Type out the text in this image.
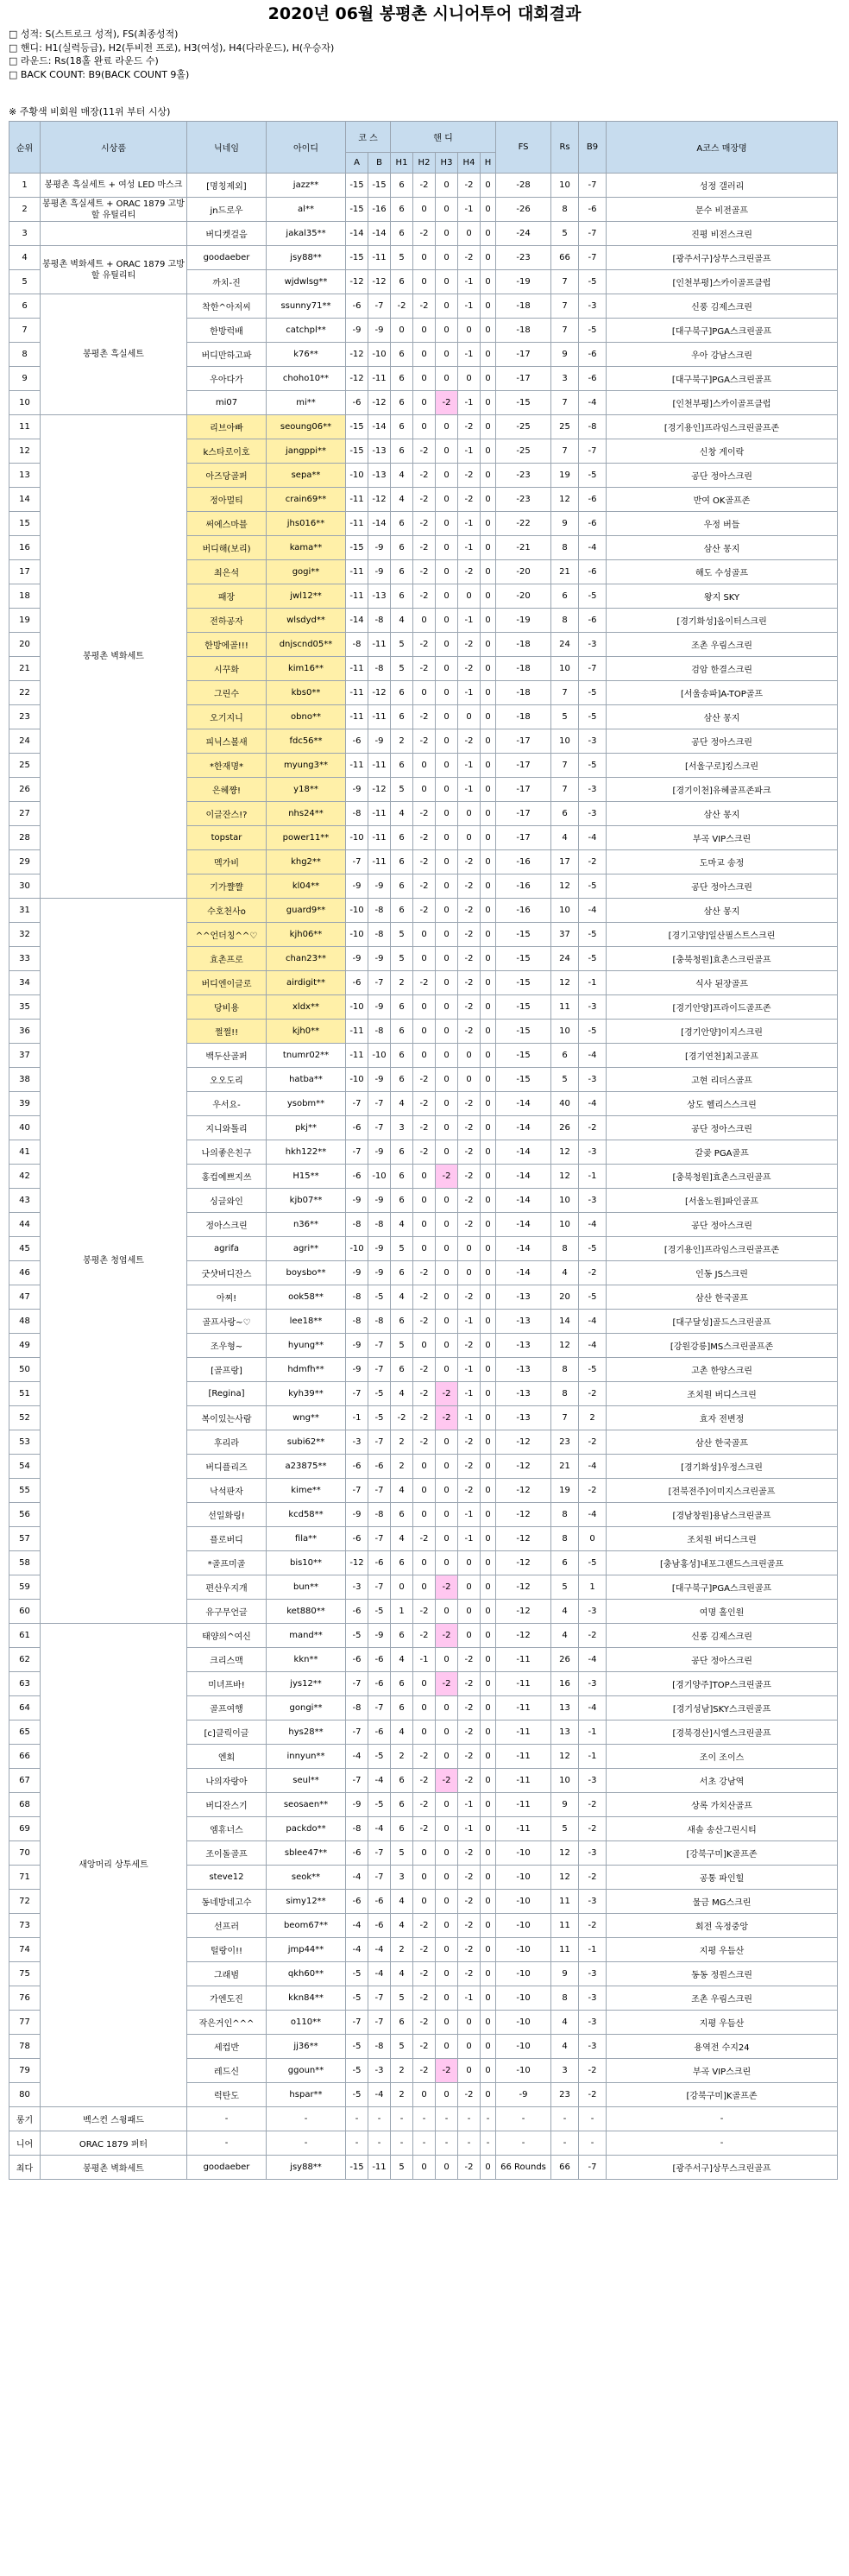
2020년 06월 봉평촌 시니어투어 대회결과
□ 성적: S(스트로크 성적), FS(최종성적)
□ 핸디: H1(실력등급), H2(투비전 프로), H3(여성), H4(다라운드), H(우승자)
□ 라운드: Rs(18홀 완료 라운드 수)
□ BACK COUNT: B9(BACK COUNT 9홀)
※ 주황색 비회원 매장(11위 부터 시상)
순위	시상품	닉네임	아이디	코 스		핸 디					FS	Rs	B9	A코스 매장명
				A	B	H1	H2	H3	H4	H				
1	봉평촌 흑실세트 + 여성 LED 마스크	[명칭제외]	jazz**	-15	-15	6	-2	0	-2	0	-28	10	-7	성정 갤러리
2	봉평촌 흑실세트 + ORAC 1879 고방할 유틸리티	jn드로우	al**	-15	-16	6	0	0	-1	0	-26	8	-6	문수 비전골프
3		버디켓걸음	jakal35**	-14	-14	6	-2	0	0	0	-24	5	-7	진평 비전스크린
4	봉평촌 벽화세트 + ORAC 1879 고방할 유틸리티	goodaeber	jsy88**	-15	-11	5	0	0	-2	0	-23	66	-7	[광주서구]상무스크린골프
5		까치-진	wjdwlsg**	-12	-12	6	0	0	-1	0	-19	7	-5	[인천부평]스카이골프클럽
6	봉평촌 흑실세트	착한^아저씨	ssunny71**	-6	-7	-2	-2	0	-1	0	-18	7	-3	신풍 김제스크린
7		한방럭배	catchpl**	-9	-9	0	0	0	0	0	-18	7	-5	[대구북구]PGA스크린골프
8		버디만하고파	k76**	-12	-10	6	0	0	-1	0	-17	9	-6	우아 강남스크린
9		우아다가	choho10**	-12	-11	6	0	0	0	0	-17	3	-6	[대구북구]PGA스크린골프
10		mi07	mi**	-6	-12	6	0	-2	-1	0	-15	7	-4	[인천부평]스카이골프클럽
11	봉평촌 벽화세트	리브아빠	seoung06**	-15	-14	6	0	0	-2	0	-25	25	-8	[경기용인]프라임스크린골프존
12		k스타로이호	jangppi**	-15	-13	6	-2	0	-1	0	-25	7	-7	신창 게이락
13		아즈당골퍼	sepa**	-10	-13	4	-2	0	-2	0	-23	19	-5	공단 정아스크린
14		정아멀티	crain69**	-11	-12	4	-2	0	-2	0	-23	12	-6	반여 OK골프존
15		써에스마블	jhs016**	-11	-14	6	-2	0	-1	0	-22	9	-6	우정 버들
16		버디해(보리)	kama**	-15	-9	6	-2	0	-1	0	-21	8	-4	삼산 몽지
17		최은석	gogi**	-11	-9	6	-2	0	-2	0	-20	21	-6	해도 수성골프
18		패장	jwl12**	-11	-13	6	-2	0	0	0	-20	6	-5	왕지 SKY
19		전하공자	wlsdyd**	-14	-8	4	0	0	-1	0	-19	8	-6	[경기화성]올이터스크린
20		한방에골!!!	dnjscnd05**	-8	-11	5	-2	0	-2	0	-18	24	-3	조촌 우림스크린
21		시꾸화	kim16**	-11	-8	5	-2	0	-2	0	-18	10	-7	검암 한결스크린
22		그린수	kbs0**	-11	-12	6	0	0	-1	0	-18	7	-5	[서울송파]A-TOP골프
23		오기지니	obno**	-11	-11	6	-2	0	0	0	-18	5	-5	삼산 몽지
24		피닉스볼새	fdc56**	-6	-9	2	-2	0	-2	0	-17	10	-3	공단 정아스크린
25		*한재명*	myung3**	-11	-11	6	0	0	-1	0	-17	7	-5	[서울구로]킹스크린
26		은혜쨩!	y18**	-9	-12	5	0	0	-1	0	-17	7	-3	[경기이천]유혜골프존파크
27		이글잔스!?	nhs24**	-8	-11	4	-2	0	0	0	-17	6	-3	삼산 몽지
28		topstar	power11**	-10	-11	6	-2	0	0	0	-17	4	-4	부곡 VIP스크린
29		멕가비	khg2**	-7	-11	6	-2	0	-2	0	-16	17	-2	도마교 송정
30		기가쨜쨜	kl04**	-9	-9	6	-2	0	-2	0	-16	12	-5	공단 정아스크린
31	봉평촌 청엽세트	수호천사o	guard9**	-10	-8	6	-2	0	-2	0	-16	10	-4	삼산 몽지
32		^^언더칭^^♡	kjh06**	-10	-8	5	0	0	-2	0	-15	37	-5	[경기고양]일산필스트스크린
33		효촌프로	chan23**	-9	-9	5	0	0	-2	0	-15	24	-5	[충북청원]효촌스크린골프
34		버디엔이글로	airdigit**	-6	-7	2	-2	0	-2	0	-15	12	-1	식사 된장골프
35		당비용	xldx**	-10	-9	6	0	0	-2	0	-15	11	-3	[경기안양]프라이드골프존
36		쩔쩔!!	kjh0**	-11	-8	6	0	0	-2	0	-15	10	-5	[경기안양]이지스크린
37		백두산골퍼	tnumr02**	-11	-10	6	0	0	0	0	-15	6	-4	[경기연천]최고골프
38		오오도리	hatba**	-10	-9	6	-2	0	0	0	-15	5	-3	고현 리더스골프
39		우서요-	ysobm**	-7	-7	4	-2	0	-2	0	-14	40	-4	상도 헬리스스크린
40		지니와톨리	pkj**	-6	-7	3	-2	0	-2	0	-14	26	-2	공단 정아스크린
41		나의좋은친구	hkh122**	-7	-9	6	-2	0	-2	0	-14	12	-3	갈곶 PGA골프
42		홍컵예쁘지쓰	H15**	-6	-10	6	0	-2	-2	0	-14	12	-1	[충북청원]효촌스크린골프
43		싱글와인	kjb07**	-9	-9	6	0	0	-2	0	-14	10	-3	[서울노원]파인골프
44		정아스크린	n36**	-8	-8	4	0	0	-2	0	-14	10	-4	공단 정아스크린
45		agrifa	agri**	-10	-9	5	0	0	0	0	-14	8	-5	[경기용인]프라임스크린골프존
46		굿샷버디잔스	boysbo**	-9	-9	6	-2	0	0	0	-14	4	-2	인동 JS스크린
47		아찌!	ook58**	-8	-5	4	-2	0	-2	0	-13	20	-5	삼산 한국골프
48		골프사랑~♡	lee18**	-8	-8	6	-2	0	-1	0	-13	14	-4	[대구달성]골드스크린골프
49		조우형~	hyung**	-9	-7	5	0	0	-2	0	-13	12	-4	[강원강릉]MS스크린골프존
50		[골프랑]	hdmfh**	-9	-7	6	-2	0	-1	0	-13	8	-5	고촌 한양스크린
51		[Regina]	kyh39**	-7	-5	4	-2	-2	-1	0	-13	8	-2	조치원 버디스크린
52		복이있는사람	wng**	-1	-5	-2	-2	-2	-1	0	-13	7	2	효자 전변정
53		후리라	subi62**	-3	-7	2	-2	0	-2	0	-12	23	-2	삼산 한국골프
54		버디플리즈	a23875**	-6	-6	2	0	0	-2	0	-12	21	-4	[경기화성]우정스크린
55		낙석판자	kime**	-7	-7	4	0	0	-2	0	-12	19	-2	[전북전주]이미지스크린골프
56		선일화링!	kcd58**	-9	-8	6	0	0	-1	0	-12	8	-4	[경남창원]용남스크린골프
57		플로버디	fila**	-6	-7	4	-2	0	-1	0	-12	8	0	조치원 버디스크린
58		*골프미골	bis10**	-12	-6	6	0	0	0	0	-12	6	-5	[충남홍성]내포그랜드스크린골프
59		편산우지개	bun**	-3	-7	0	0	-2	0	0	-12	5	1	[대구북구]PGA스크린골프
60		유구무언글	ket880**	-6	-5	1	-2	0	0	0	-12	4	-3	여명 홀인원
61	새앙머리 상투세트	태양의^여신	mand**	-5	-9	6	-2	-2	0	0	-12	4	-2	신풍 김제스크린
62		크리스맥	kkn**	-6	-6	4	-1	0	-2	0	-11	26	-4	공단 정아스크린
63		미녀프바!	jys12**	-7	-6	6	0	-2	-2	0	-11	16	-3	[경기양주]TOP스크린골프
64		골프여행	gongi**	-8	-7	6	0	0	-2	0	-11	13	-4	[경기성남]SKY스크린골프
65		[c]클릭이글	hys28**	-7	-6	4	0	0	-2	0	-11	13	-1	[경북경산]시엘스크린골프
66		엔회	innyun**	-4	-5	2	-2	0	-2	0	-11	12	-1	조이 조이스
67		나의자랑아	seul**	-7	-4	6	-2	-2	-2	0	-11	10	-3	서초 강남역
68		버디잔스기	seosaen**	-9	-5	6	-2	0	-1	0	-11	9	-2	상록 가치산골프
69		엠휴너스	packdo**	-8	-4	6	-2	0	-1	0	-11	5	-2	새솔 송산그린시티
70		조이돌골프	sblee47**	-6	-7	5	0	0	-2	0	-10	12	-3	[강북구미]K골프존
71		steve12	seok**	-4	-7	3	0	0	-2	0	-10	12	-2	공통 파인힐
72		동네방네고수	simy12**	-6	-6	4	0	0	-2	0	-10	11	-3	물금 MG스크린
73		선프러	beom67**	-4	-6	4	-2	0	-2	0	-10	11	-2	회전 옥정중앙
74		털랑이!!	jmp44**	-4	-4	2	-2	0	-2	0	-10	11	-1	지평 우듬산
75		그래범	qkh60**	-5	-4	4	-2	0	-2	0	-10	9	-3	동동 정원스크린
76		가엔도진	kkn84**	-5	-7	5	-2	0	-1	0	-10	8	-3	조촌 우림스크린
77		작은거인^^^	o110**	-7	-7	6	-2	0	0	0	-10	4	-3	지평 우듬산
78		세컵반	jj36**	-5	-8	5	-2	0	0	0	-10	4	-3	용역전 수지24
79		레드신	ggoun**	-5	-3	2	-2	-2	0	0	-10	3	-2	부곡 VIP스크린
80		럭탄도	hspar**	-5	-4	2	0	0	-2	0	-9	23	-2	[강북구미]K골프존
롱기	벡스컨 스윙패드	-	-	-	-	-	-	-	-	-	-	-	-	-
니어	ORAC 1879 퍼터	-	-	-	-	-	-	-	-	-	-	-	-	-
최다	봉평촌 벽화세트	goodaeber	jsy88**	-15	-11	5	0	0	-2	0	66 Rounds	66	-7	[광주서구]상무스크린골프
